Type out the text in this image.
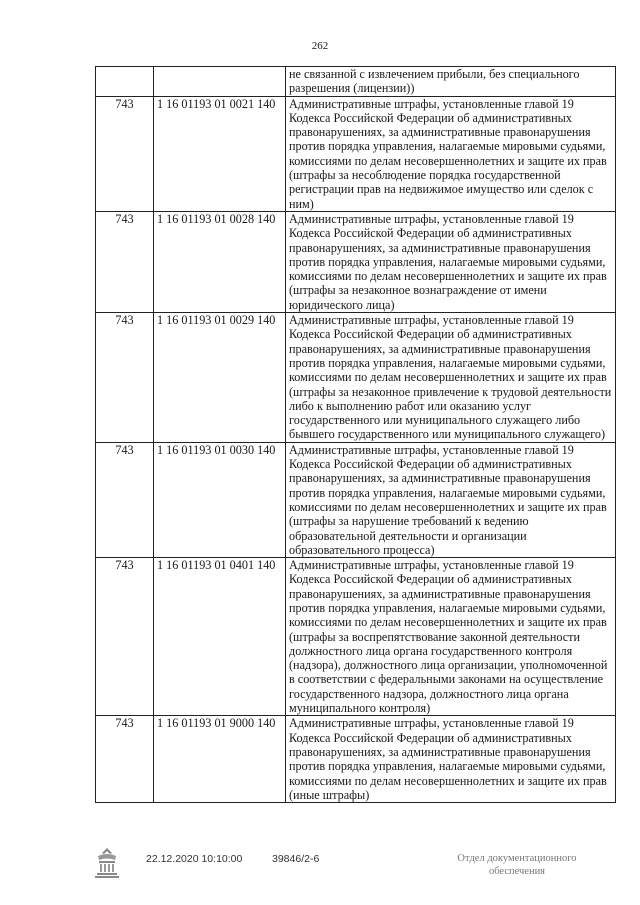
262
		не связанной с извлечением прибыли, без специального разрешения (лицензии))
743	1 16 01193 01 0021 140	Административные штрафы, установленные главой 19 Кодекса Российской Федерации об административных правонарушениях, за административные правонарушения против порядка управления, налагаемые мировыми судьями, комиссиями по делам несовершеннолетних и защите их прав (штрафы за несоблюдение порядка государственной регистрации прав на недвижимое имущество или сделок с ним)
743	1 16 01193 01 0028 140	Административные штрафы, установленные главой 19 Кодекса Российской Федерации об административных правонарушениях, за административные правонарушения против порядка управления, налагаемые мировыми судьями, комиссиями по делам несовершеннолетних и защите их прав (штрафы за незаконное вознаграждение от имени юридического лица)
743	1 16 01193 01 0029 140	Административные штрафы, установленные главой 19 Кодекса Российской Федерации об административных правонарушениях, за административные правонарушения против порядка управления, налагаемые мировыми судьями, комиссиями по делам несовершеннолетних и защите их прав (штрафы за незаконное привлечение к трудовой деятельности либо к выполнению работ или оказанию услуг государственного или муниципального служащего либо бывшего государственного или муниципального служащего)
743	1 16 01193 01 0030 140	Административные штрафы, установленные главой 19 Кодекса Российской Федерации об административных правонарушениях, за административные правонарушения против порядка управления, налагаемые мировыми судьями, комиссиями по делам несовершеннолетних и защите их прав (штрафы за нарушение требований к ведению образовательной деятельности и организации образовательного процесса)
743	1 16 01193 01 0401 140	Административные штрафы, установленные главой 19 Кодекса Российской Федерации об административных правонарушениях, за административные правонарушения против порядка управления, налагаемые мировыми судьями, комиссиями по делам несовершеннолетних и защите их прав (штрафы за воспрепятствование законной деятельности должностного лица органа государственного контроля (надзора), должностного лица организации, уполномоченной в соответствии с федеральными законами на осуществление государственного надзора, должностного лица органа муниципального контроля)
743	1 16 01193 01 9000 140	Административные штрафы, установленные главой 19 Кодекса Российской Федерации об административных правонарушениях, за административные правонарушения против порядка управления, налагаемые мировыми судьями, комиссиями по делам несовершеннолетних и защите их прав (иные штрафы)
22.12.2020 10:10:00	39846/2-6	Отдел документационного обеспечения
